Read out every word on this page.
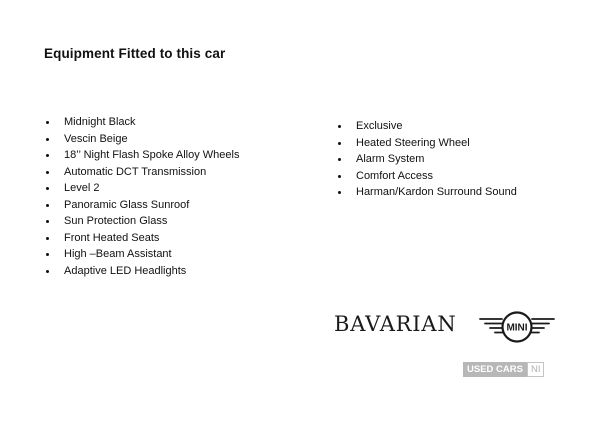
Equipment Fitted to this car
Midnight Black
Vescin Beige
18’’ Night Flash Spoke Alloy Wheels
Automatic DCT Transmission
Level 2
Panoramic Glass Sunroof
Sun Protection Glass
Front Heated Seats
High –Beam Assistant
Adaptive LED Headlights
Exclusive
Heated Steering Wheel
Alarm System
Comfort Access
Harman/Kardon Surround Sound
BAVARIAN	MINI
USED CARS NI
